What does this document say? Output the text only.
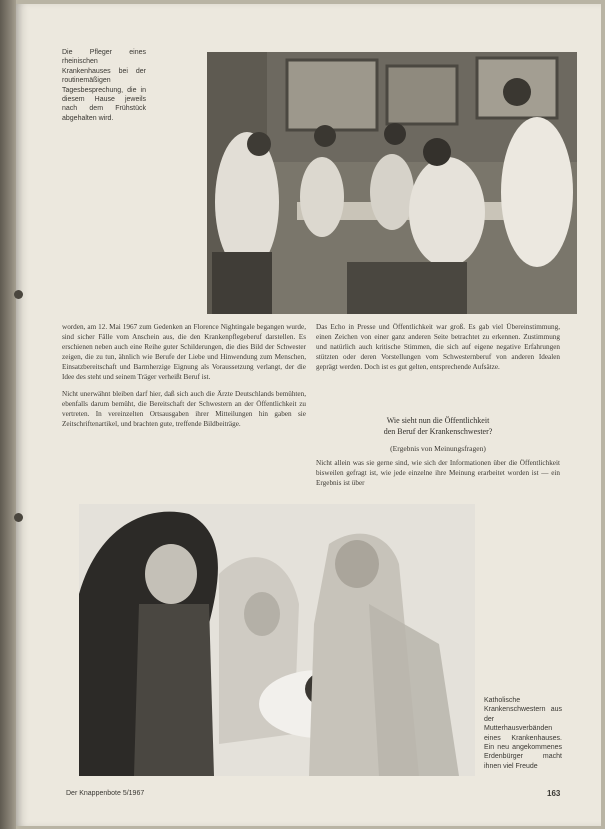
Die Pfleger eines rheinischen Krankenhauses bei der routinemäßigen Tagesbesprechung, die in diesem Hause jeweils nach dem Frühstück abgehalten wird.

worden, am 12. Mai 1967 zum Gedenken an Florence Nightingale begangen wurde, sind sicher Fälle vom Anschein aus, die den Krankenpflegeberuf darstellen. Es erschienen neben auch eine Reihe guter Schilderungen, die dies Bild der Schwester zeigen, die zu tun, ähnlich wie Berufe der Liebe und Hinwendung zum Menschen, Einsatzbereitschaft und Barmherzige Eignung als Voraussetzung verlangt, der die Idee des steht und seinem Träger verheißt Beruf ist.

Nicht unerwähnt bleiben darf hier, daß sich auch die Ärzte Deutschlands bemühten, ebenfalls darum bemüht, die Bereitschaft der Schwestern an der Öffentlichkeit zu vertreten. In vereinzelten Ortsausgaben ihrer Mitteilungen hin gaben sie Zeitschriftenartikel, und brachten gute, treffende Bildbeiträge.

Das Echo in Presse und Öffentlichkeit war groß. Es gab viel Übereinstimmung, einen Zeichen von einer ganz anderen Seite betrachtet zu erkennen. Zustimmung und natürlich auch kritische Stimmen, die sich auf eigene negative Erfahrungen stützten oder deren Vorstellungen vom Schwesternberuf von anderen Idealen geprägt werden. Doch ist es gut gelten, entsprechende Aufsätze.

Wie sieht nun die Öffentlichkeit
den Beruf der Krankenschwester?
(Ergebnis von Meinungsfragen)

Nicht allein was sie gerne sind, wie sich der Informationen über die Öffentlichkeit bisweilen gefragt ist, wie jede einzelne ihre Meinung erarbeitet worden ist — ein Ergebnis ist über

Katholische Krankenschwestern aus der Mutterhausverbänden eines Krankenhauses. Ein neu angekommenes Erdenbürger macht ihnen viel Freude
Der Knappenbote 5/1967	163
